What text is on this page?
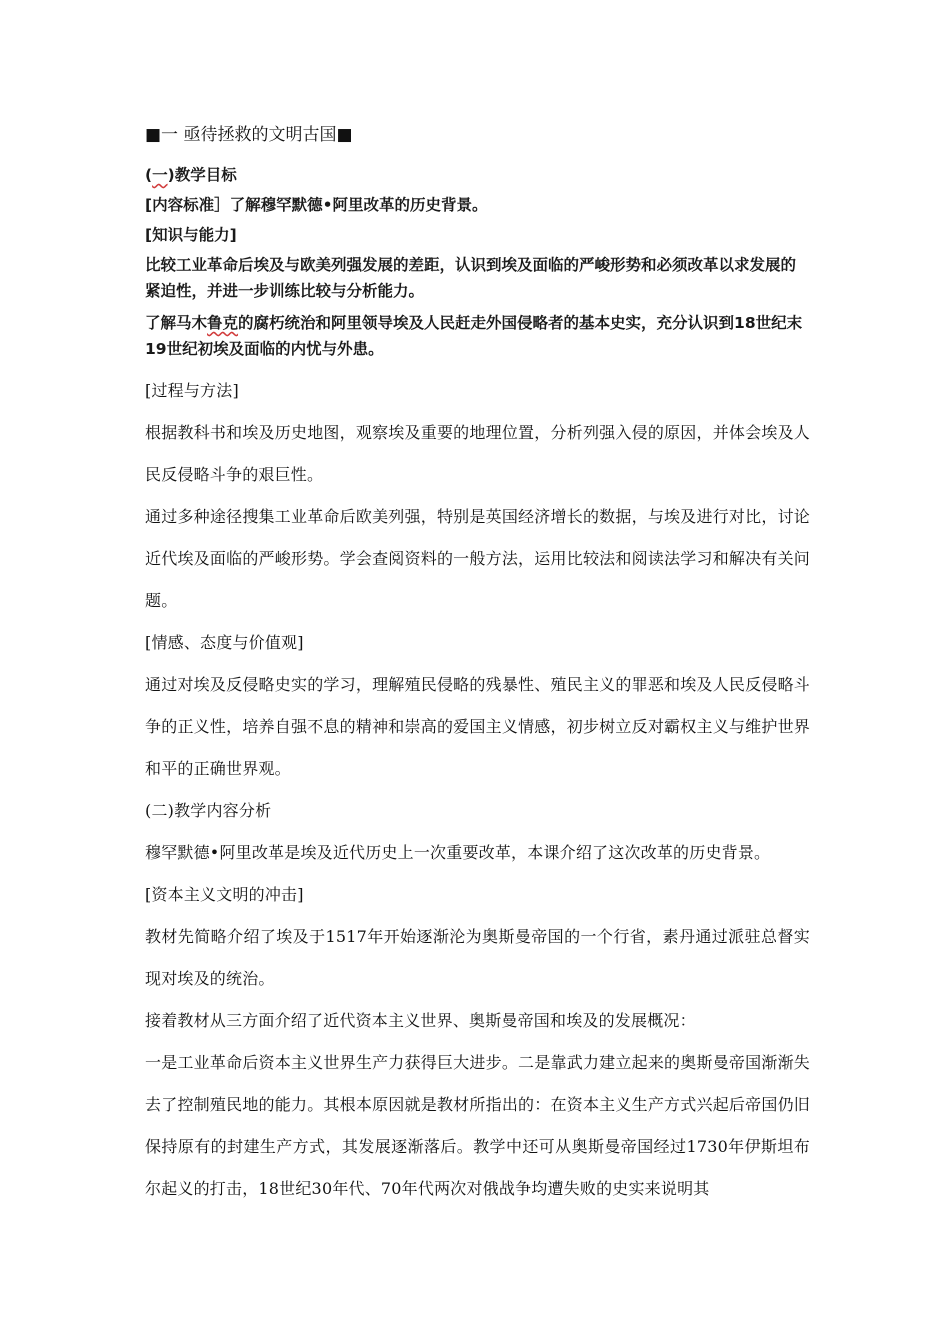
■一 亟待拯救的文明古国■
(一)教学目标
[内容标准］了解穆罕默德•阿里改革的历史背景。
[知识与能力]
比较工业革命后埃及与欧美列强发展的差距，认识到埃及面临的严峻形势和必须改革以求发展的紧迫性，并进一步训练比较与分析能力。
了解马木鲁克的腐朽统治和阿里领导埃及人民赶走外国侵略者的基本史实，充分认识到18世纪末19世纪初埃及面临的内忧与外患。

[过程与方法]

根据教科书和埃及历史地图，观察埃及重要的地理位置，分析列强入侵的原因，并体会埃及人民反侵略斗争的艰巨性。

通过多种途径搜集工业革命后欧美列强，特别是英国经济增长的数据，与埃及进行对比，讨论近代埃及面临的严峻形势。学会查阅资料的一般方法，运用比较法和阅读法学习和解决有关问题。

[情感、态度与价值观]

通过对埃及反侵略史实的学习，理解殖民侵略的残暴性、殖民主义的罪恶和埃及人民反侵略斗争的正义性，培养自强不息的精神和崇高的爱国主义情感，初步树立反对霸权主义与维护世界和平的正确世界观。

(二)教学内容分析

穆罕默德•阿里改革是埃及近代历史上一次重要改革，本课介绍了这次改革的历史背景。

[资本主义文明的冲击]

教材先简略介绍了埃及于1517年开始逐渐沦为奥斯曼帝国的一个行省，素丹通过派驻总督实现对埃及的统治。

接着教材从三方面介绍了近代资本主义世界、奥斯曼帝国和埃及的发展概况：

一是工业革命后资本主义世界生产力获得巨大进步。二是靠武力建立起来的奥斯曼帝国渐渐失去了控制殖民地的能力。其根本原因就是教材所指出的：在资本主义生产方式兴起后帝国仍旧保持原有的封建生产方式，其发展逐渐落后。教学中还可从奥斯曼帝国经过1730年伊斯坦布尔起义的打击，18世纪30年代、70年代两次对俄战争均遭失败的史实来说明其
